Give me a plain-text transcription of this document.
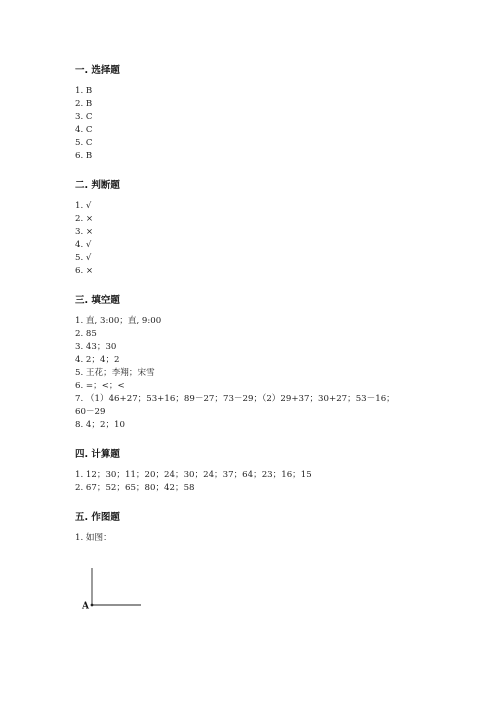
一. 选择题
1. B
2. B
3. C
4. C
5. C
6. B
二. 判断题
1. √
2. ×
3. ×
4. √
5. √
6. ×
三. 填空题
1. 直, 3:00；直, 9:00
2. 85
3. 43；30
4. 2；4；2
5. 王花；李翔；宋雪
6. =；<；<
7. （1）46+27；53+16；89－27；73－29；（2）29+37；30+27；53－16；
60－29
8. 4；2；10
四. 计算题
1. 12；30；11；20；24；30；24；37；64；23；16；15
2. 67；52；65；80；42；58
五. 作图题
1. 如图：
A
